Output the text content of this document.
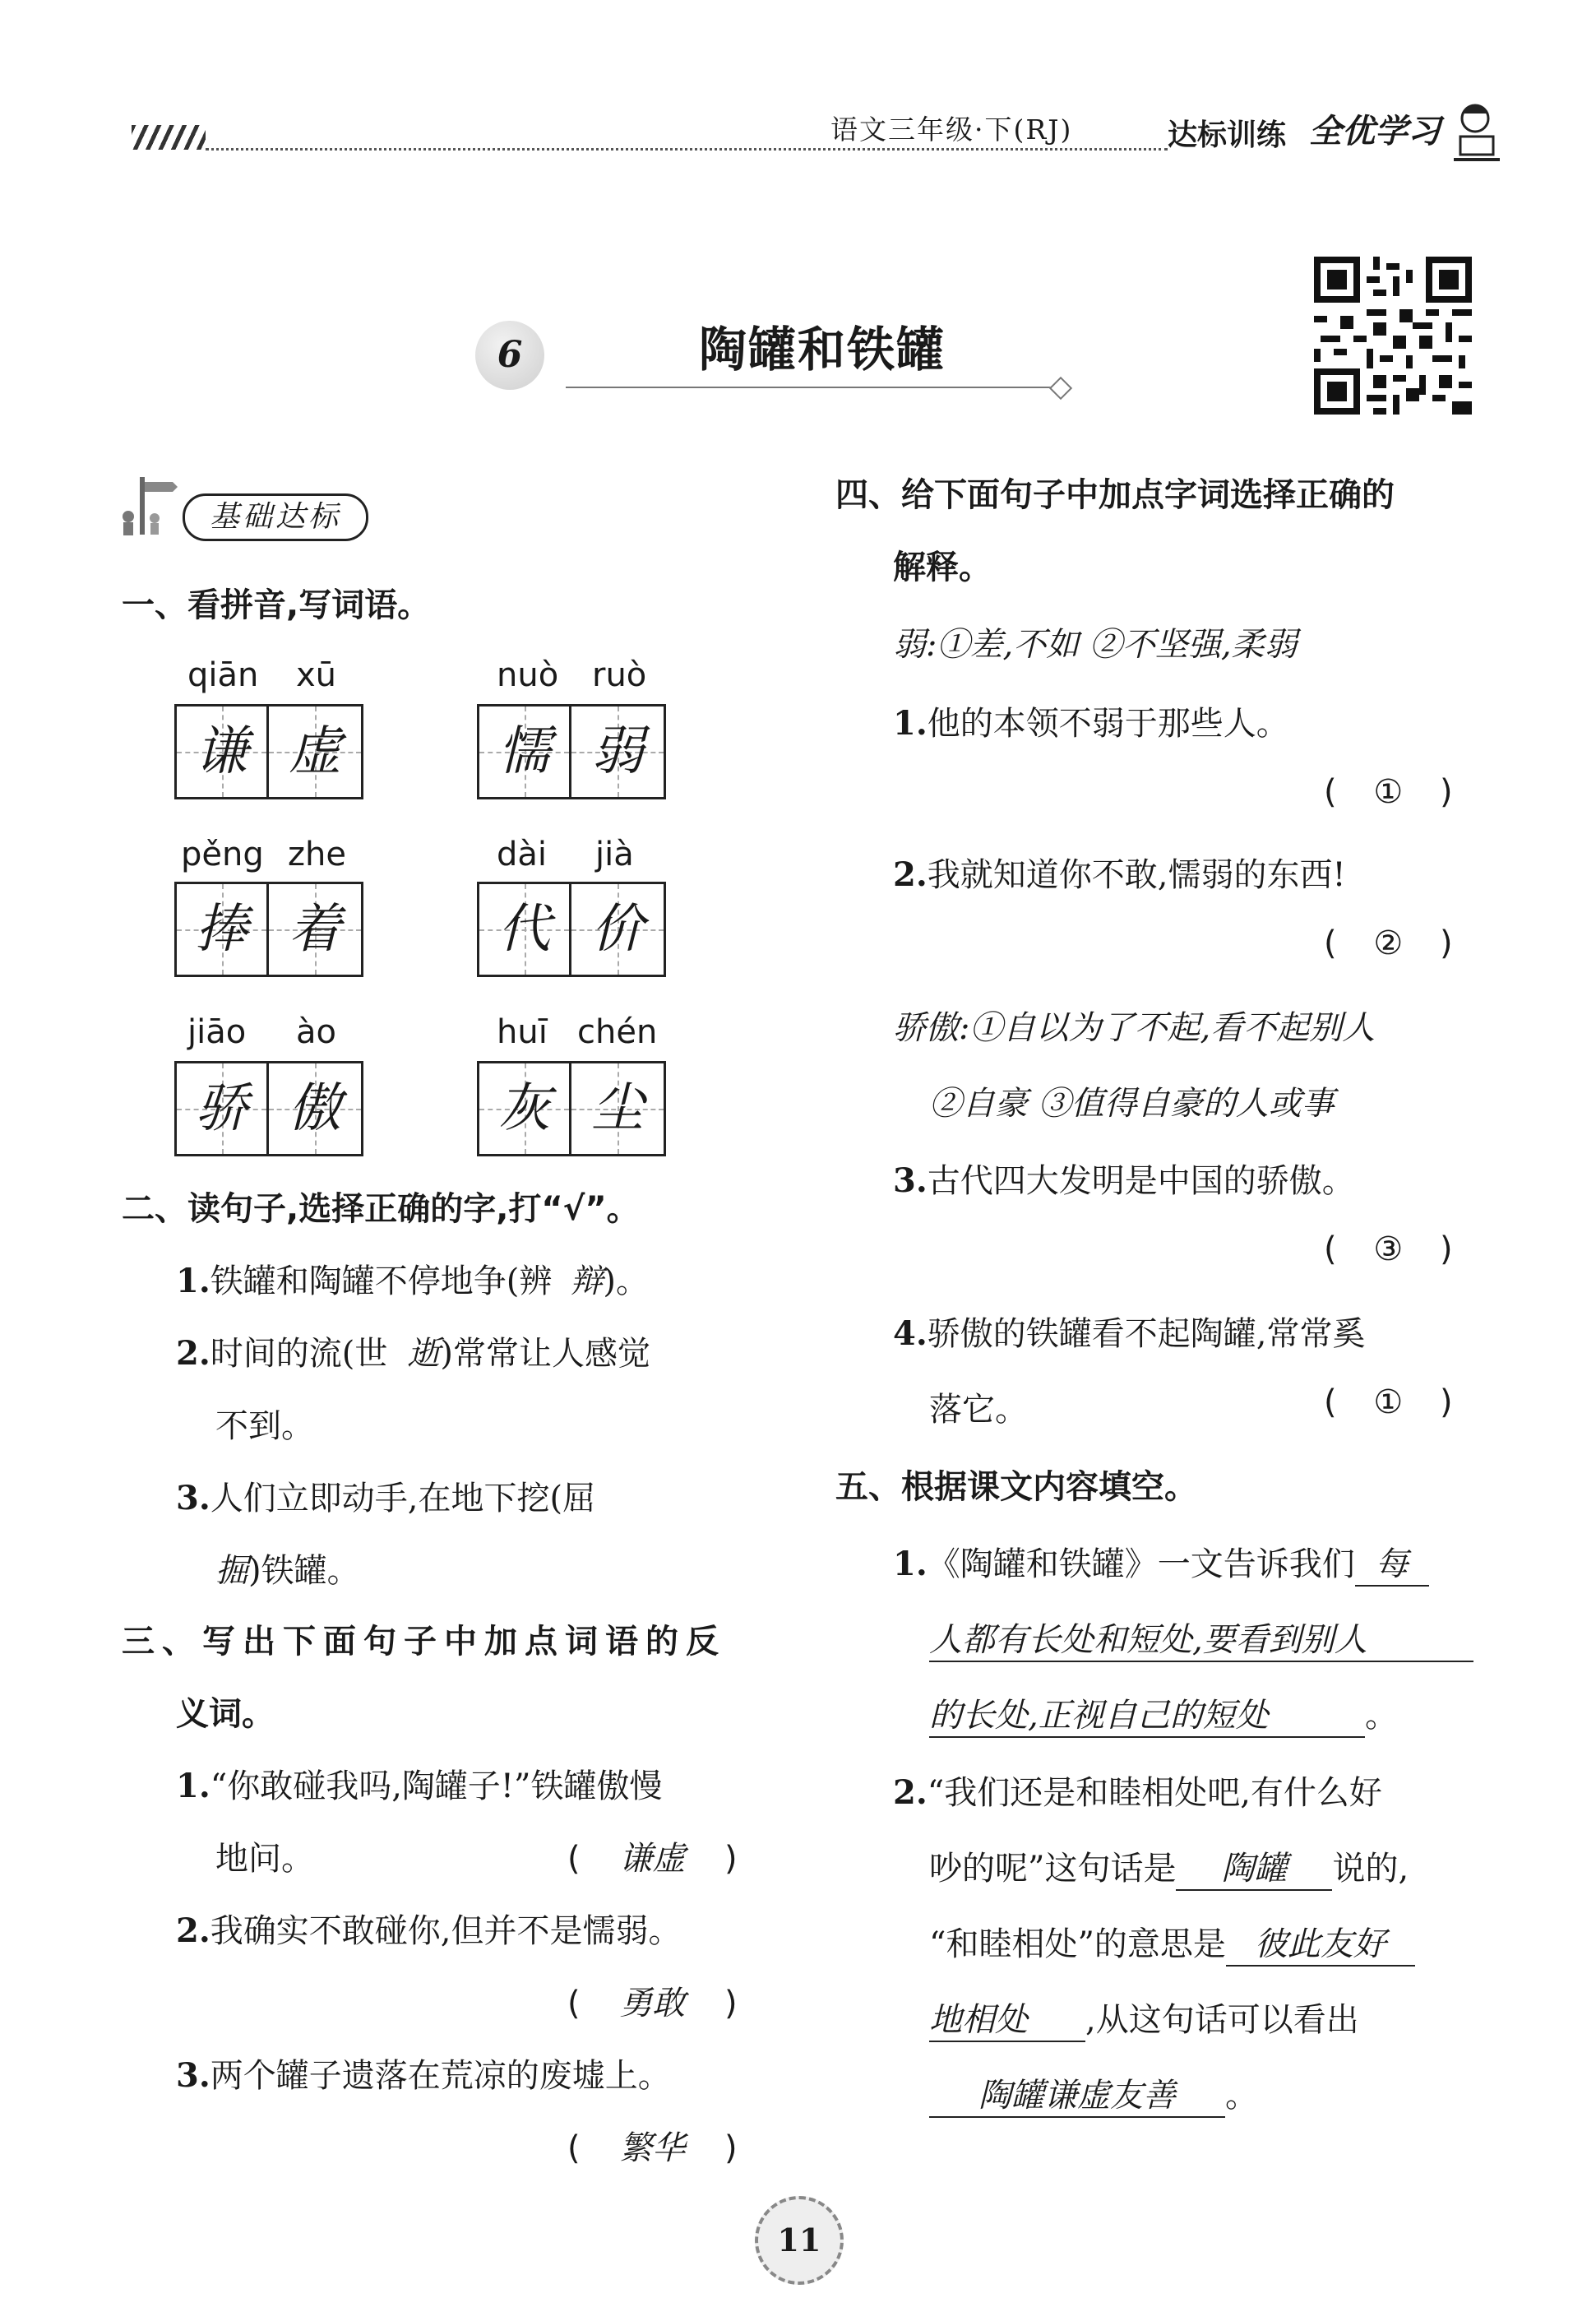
语文三年级·下(RJ)	达标训练 全优学习
6	陶罐和铁罐
基础达标
一、看拼音,写词语。
qiān xū
谦 虚
nuò ruò
懦 弱
pěng zhe
捧 着
dài jià
代 价
jiāo ào
骄 傲
huī chén
灰 尘
二、读句子,选择正确的字,打“√”。
1.铁罐和陶罐不停地争(辨 辩)。
2.时间的流(世 逝)常常让人感觉
不到。
3.人们立即动手,在地下挖(屈
掘)铁罐。
三、写出下面句子中加点词语的反
义词。
1.“你敢碰我吗,陶罐子!”铁罐傲慢
地问。	( 谦虚 )
2.我确实不敢碰你,但并不是懦弱。
( 勇敢 )
3.两个罐子遗落在荒凉的废墟上。
( 繁华 )
四、给下面句子中加点字词选择正确的
解释。
弱:①差,不如 ②不坚强,柔弱
1.他的本领不弱于那些人。
( ① )
2.我就知道你不敢,懦弱的东西!
( ② )
骄傲:①自以为了不起,看不起别人
②自豪 ③值得自豪的人或事
3.古代四大发明是中国的骄傲。
( ③ )
4.骄傲的铁罐看不起陶罐,常常奚
落它。	( ① )
五、根据课文内容填空。
1.《陶罐和铁罐》一文告诉我们 每
人都有长处和短处,要看到别人
的长处,正视自己的短处	。
2.“我们还是和睦相处吧,有什么好
吵的呢”这句话是 陶罐 说的,
“和睦相处”的意思是 彼此友好
地相处 ,从这句话可以看出
陶罐谦虚友善 。
11
